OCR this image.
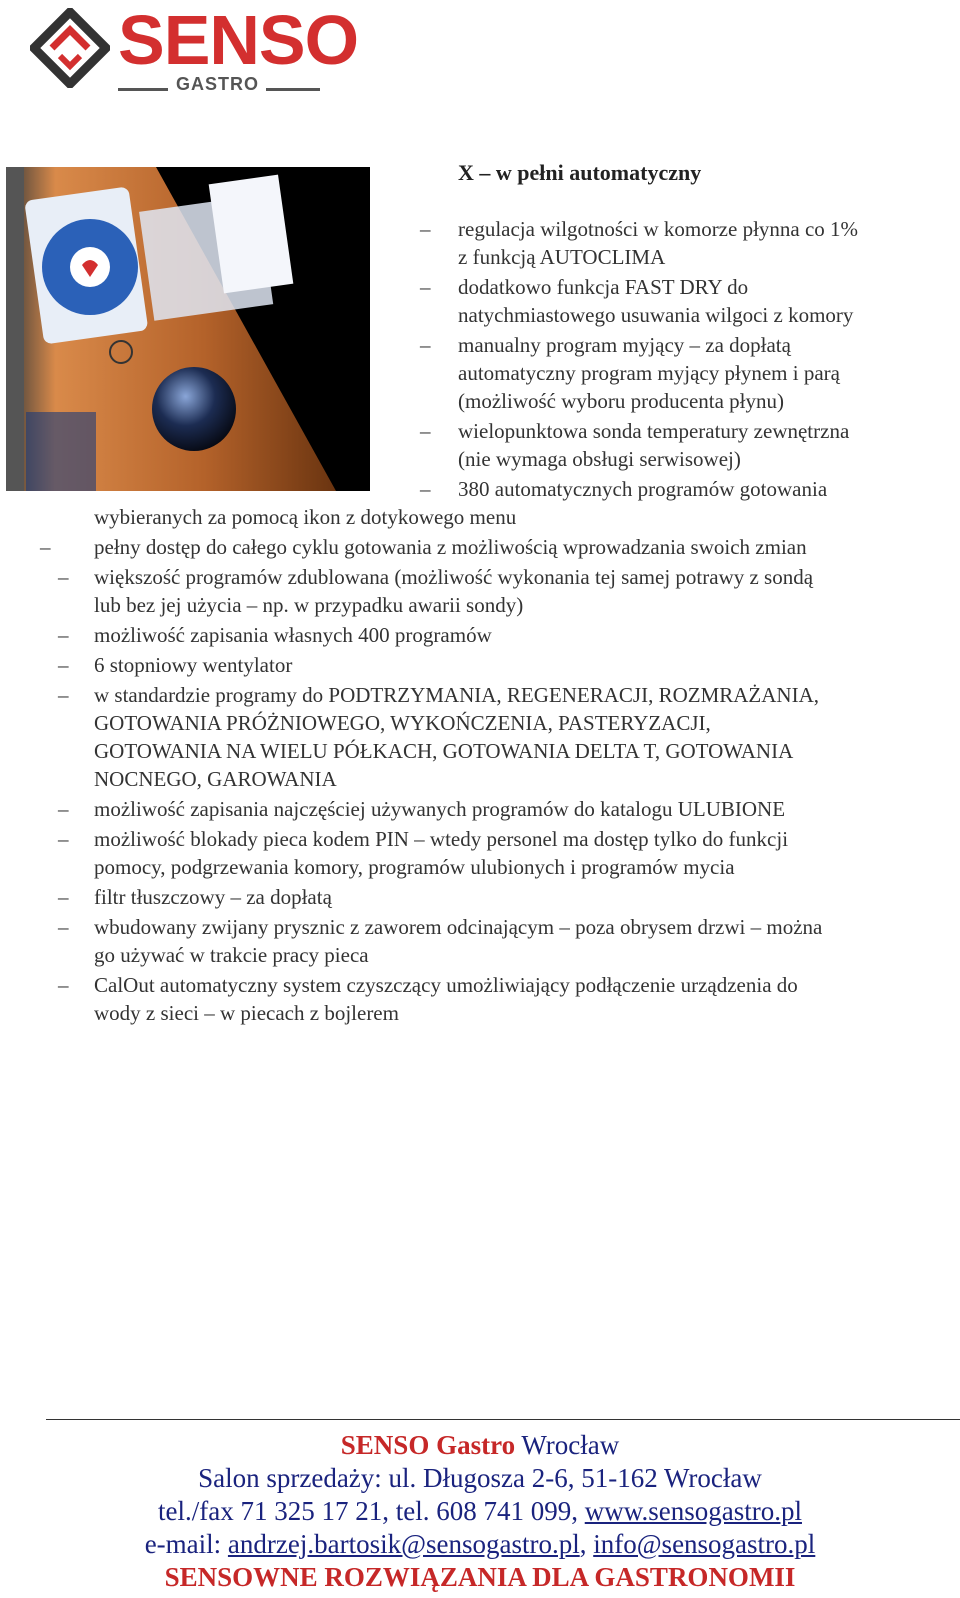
SENSO
GASTRO
X – w pełni automatyczny
– regulacja wilgotności w komorze płynna co 1%
z funkcją AUTOCLIMA
– dodatkowo funkcja FAST DRY do
natychmiastowego usuwania wilgoci z komory
– manualny program myjący – za dopłatą
automatyczny program myjący płynem i parą
(możliwość wyboru producenta płynu)
– wielopunktowa sonda temperatury zewnętrzna
(nie wymaga obsługi serwisowej)
– 380 automatycznych programów gotowania
wybieranych za pomocą ikon z dotykowego menu
– pełny dostęp do całego cyklu gotowania z możliwością wprowadzania swoich zmian
– większość programów zdublowana (możliwość wykonania tej samej potrawy z sondą
lub bez jej użycia – np. w przypadku awarii sondy)
– możliwość zapisania własnych 400 programów
– 6 stopniowy wentylator
– w standardzie programy do PODTRZYMANIA, REGENERACJI, ROZMRAŻANIA,
GOTOWANIA PRÓŻNIOWEGO, WYKOŃCZENIA, PASTERYZACJI,
GOTOWANIA NA WIELU PÓŁKACH, GOTOWANIA DELTA T, GOTOWANIA
NOCNEGO, GAROWANIA
– możliwość zapisania najczęściej używanych programów do katalogu ULUBIONE
– możliwość blokady pieca kodem PIN – wtedy personel ma dostęp tylko do funkcji
pomocy, podgrzewania komory, programów ulubionych i programów mycia
– filtr tłuszczowy – za dopłatą
– wbudowany zwijany prysznic z zaworem odcinającym – poza obrysem drzwi – można
go używać w trakcie pracy pieca
– CalOut automatyczny system czyszczący umożliwiający podłączenie urządzenia do
wody z sieci – w piecach z bojlerem
SENSO Gastro Wrocław
Salon sprzedaży: ul. Długosza 2-6, 51-162 Wrocław
tel./fax 71 325 17 21, tel. 608 741 099, www.sensogastro.pl
e-mail: andrzej.bartosik@sensogastro.pl, info@sensogastro.pl
SENSOWNE ROZWIĄZANIA DLA GASTRONOMII
